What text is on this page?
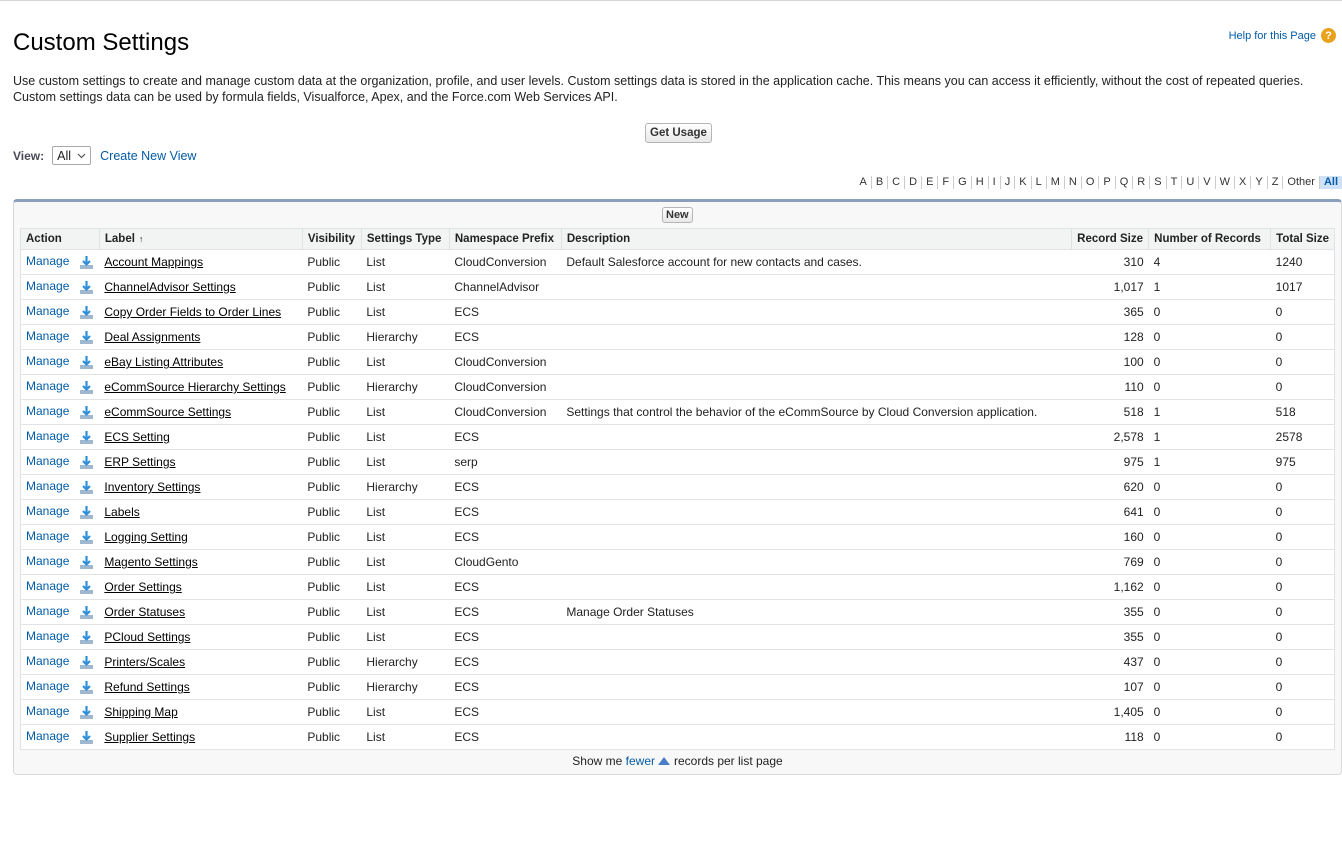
Custom Settings	Help for this Page ?
Use custom settings to create and manage custom data at the organization, profile, and user levels. Custom settings data is stored in the application cache. This means you can access it efficiently, without the cost of repeated queries. Custom settings data can be used by formula fields, Visualforce, Apex, and the Force.com Web Services API.
Get Usage
View: All Create New View
A B C D E F G H I J K L M N O P Q R S T U V W X Y Z Other All
New
Action	Label ↑	Visibility	Settings Type	Namespace Prefix	Description	Record Size	Number of Records	Total Size
Manage	Account Mappings	Public	List	CloudConversion	Default Salesforce account for new contacts and cases.	310	4	1240
Manage	ChannelAdvisor Settings	Public	List	ChannelAdvisor		1,017	1	1017
Manage	Copy Order Fields to Order Lines	Public	List	ECS		365	0	0
Manage	Deal Assignments	Public	Hierarchy	ECS		128	0	0
Manage	eBay Listing Attributes	Public	List	CloudConversion		100	0	0
Manage	eCommSource Hierarchy Settings	Public	Hierarchy	CloudConversion		110	0	0
Manage	eCommSource Settings	Public	List	CloudConversion	Settings that control the behavior of the eCommSource by Cloud Conversion application.	518	1	518
Manage	ECS Setting	Public	List	ECS		2,578	1	2578
Manage	ERP Settings	Public	List	serp		975	1	975
Manage	Inventory Settings	Public	Hierarchy	ECS		620	0	0
Manage	Labels	Public	List	ECS		641	0	0
Manage	Logging Setting	Public	List	ECS		160	0	0
Manage	Magento Settings	Public	List	CloudGento		769	0	0
Manage	Order Settings	Public	List	ECS		1,162	0	0
Manage	Order Statuses	Public	List	ECS	Manage Order Statuses	355	0	0
Manage	PCloud Settings	Public	List	ECS		355	0	0
Manage	Printers/Scales	Public	Hierarchy	ECS		437	0	0
Manage	Refund Settings	Public	Hierarchy	ECS		107	0	0
Manage	Shipping Map	Public	List	ECS		1,405	0	0
Manage	Supplier Settings	Public	List	ECS		118	0	0
Show me fewer records per list page
